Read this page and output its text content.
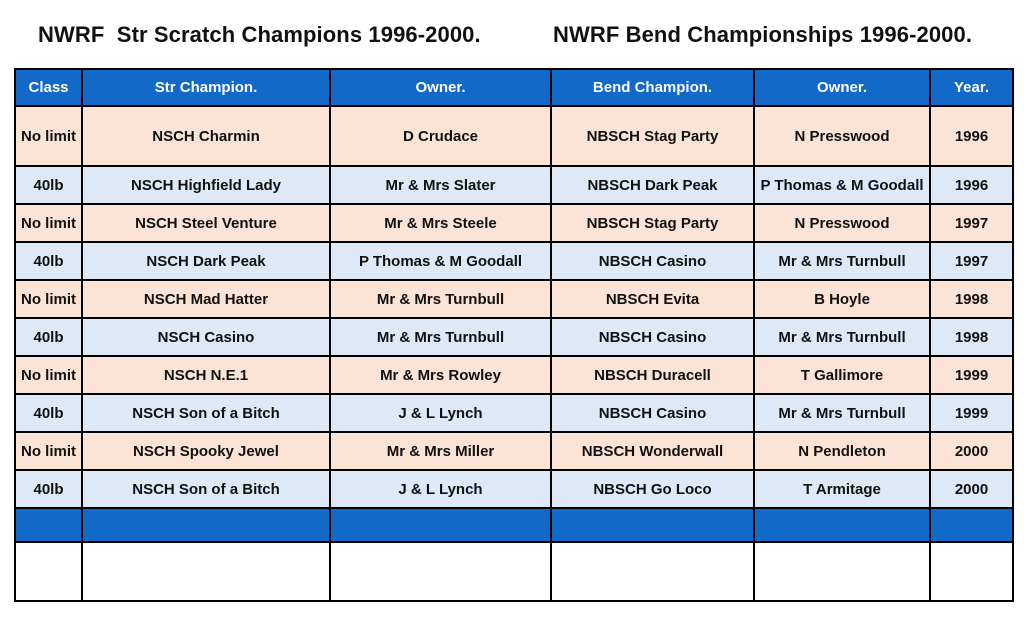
NWRF  Str Scratch Champions 1996-2000.	NWRF Bend Championships 1996-2000.
Class	Str Champion.	Owner.	Bend Champion.	Owner.	Year.
No limit	NSCH Charmin	D Crudace	NBSCH Stag Party	N Presswood	1996
40lb	NSCH Highfield Lady	Mr & Mrs Slater	NBSCH Dark Peak	P Thomas & M Goodall	1996
No limit	NSCH Steel Venture	Mr & Mrs Steele	NBSCH Stag Party	N Presswood	1997
40lb	NSCH Dark Peak	P Thomas & M Goodall	NBSCH Casino	Mr & Mrs Turnbull	1997
No limit	NSCH Mad Hatter	Mr & Mrs Turnbull	NBSCH Evita	B Hoyle	1998
40lb	NSCH Casino	Mr & Mrs Turnbull	NBSCH Casino	Mr & Mrs Turnbull	1998
No limit	NSCH N.E.1	Mr & Mrs Rowley	NBSCH Duracell	T Gallimore	1999
40lb	NSCH Son of a Bitch	J & L Lynch	NBSCH Casino	Mr & Mrs Turnbull	1999
No limit	NSCH Spooky Jewel	Mr & Mrs Miller	NBSCH Wonderwall	N Pendleton	2000
40lb	NSCH Son of a Bitch	J & L Lynch	NBSCH Go Loco	T Armitage	2000
